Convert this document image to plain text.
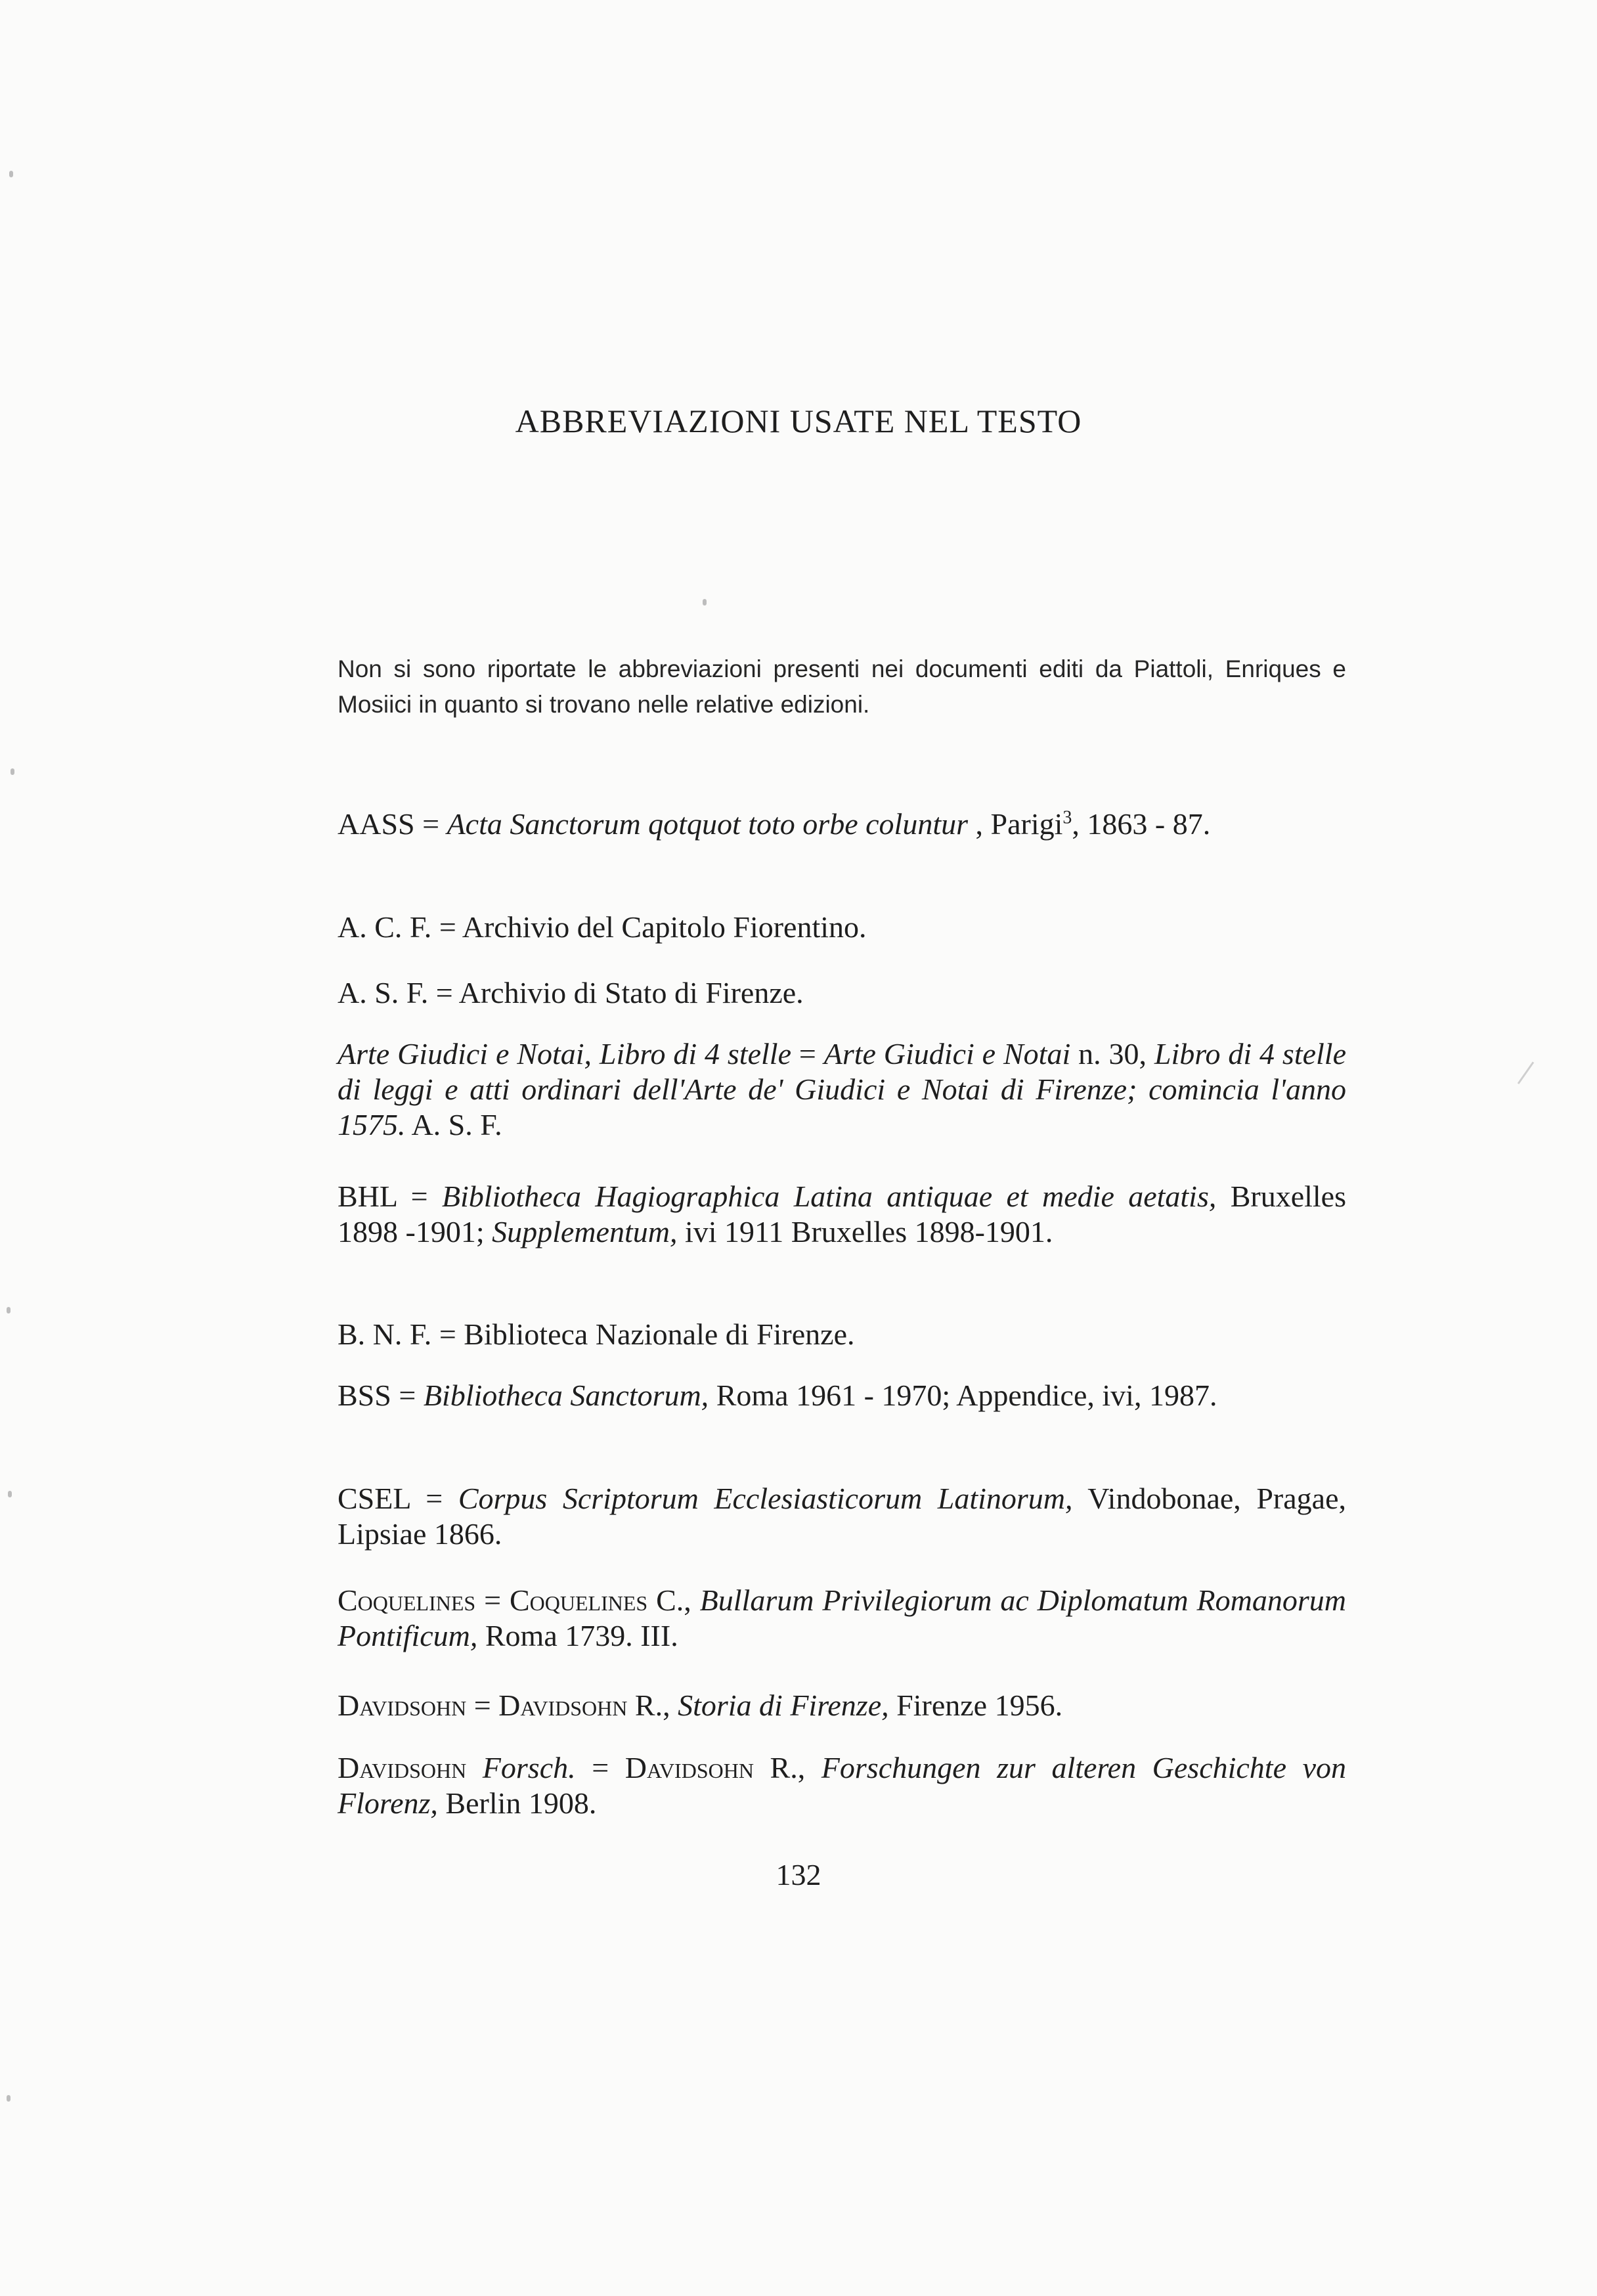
ABBREVIAZIONI USATE NEL TESTO

Non si sono riportate le abbreviazioni presenti nei documenti editi da Piattoli, Enriques e Mosiici in quanto si trovano nelle relative edizioni.

AASS = Acta Sanctorum qotquot toto orbe coluntur , Parigi$^3$, 1863 - 87.

A. C. F. = Archivio del Capitolo Fiorentino.

A. S. F. = Archivio di Stato di Firenze.

Arte Giudici e Notai, Libro di 4 stelle = Arte Giudici e Notai n. 30, Libro di 4 stelle di leggi e atti ordinari dell'Arte de' Giudici e Notai di Firenze; comincia l'anno 1575. A. S. F.

BHL = Bibliotheca Hagiographica Latina antiquae et medie aetatis, Bruxelles 1898 -1901; Supplementum, ivi 1911 Bruxelles 1898-1901.

B. N. F. = Biblioteca Nazionale di Firenze.

BSS = Bibliotheca Sanctorum, Roma 1961 - 1970; Appendice, ivi, 1987.

CSEL = Corpus Scriptorum Ecclesiasticorum Latinorum, Vindobonae, Pragae, Lipsiae 1866.

Coquelines = Coquelines C., Bullarum Privilegiorum ac Diplomatum Romanorum Pontificum, Roma 1739. III.

Davidsohn = Davidsohn R., Storia di Firenze, Firenze 1956.

Davidsohn Forsch. = Davidsohn R., Forschungen zur alteren Geschichte von Florenz, Berlin 1908.

132
